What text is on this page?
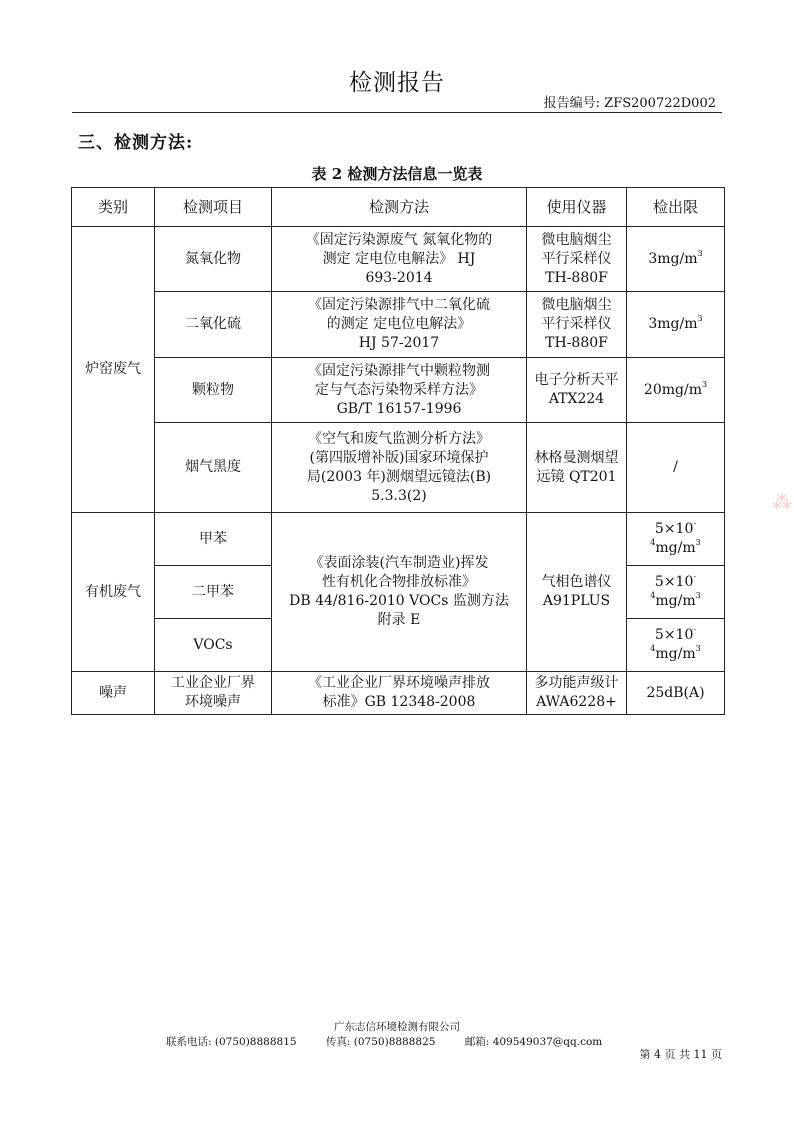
检测报告
报告编号: ZFS200722D002
三、检测方法:
表 2 检测方法信息一览表
类别	检测项目	检测方法	使用仪器	检出限
炉窑废气	氮氧化物	《固定污染源废气 氮氧化物的
测定 定电位电解法》 HJ
693-2014	微电脑烟尘
平行采样仪
TH-880F	$3mg/m^3$
	二氧化硫	《固定污染源排气中二氧化硫
的测定 定电位电解法》
HJ 57-2017	微电脑烟尘
平行采样仪
TH-880F	$3mg/m^3$
	颗粒物	《固定污染源排气中颗粒物测
定与气态污染物采样方法》
GB/T 16157-1996	电子分析天平
ATX224	$20mg/m^3$
	烟气黑度	《空气和废气监测分析方法》
(第四版增补版)国家环境保护
局(2003 年)测烟望远镜法(B)
5.3.3(2)	林格曼测烟望
远镜 QT201	/
有机废气	甲苯	《表面涂装(汽车制造业)挥发
性有机化合物排放标准》
DB 44/816-2010 VOCs 监测方法
附录 E	气相色谱仪
A91PLUS	$5\times 10^{-4}mg/m^3$
	二甲苯			$5\times 10^{-4}mg/m^3$
	VOCs			$5\times 10^{-4}mg/m^3$
噪声	工业企业厂界
环境噪声	《工业企业厂界环境噪声排放
标准》GB 12348-2008	多功能声级计
AWA6228+	25dB(A)
⁂
广东志信环境检测有限公司
联系电话: (0750)8888815	传真: (0750)8888825	邮箱: 409549037@qq.com
第 4 页 共 11 页
